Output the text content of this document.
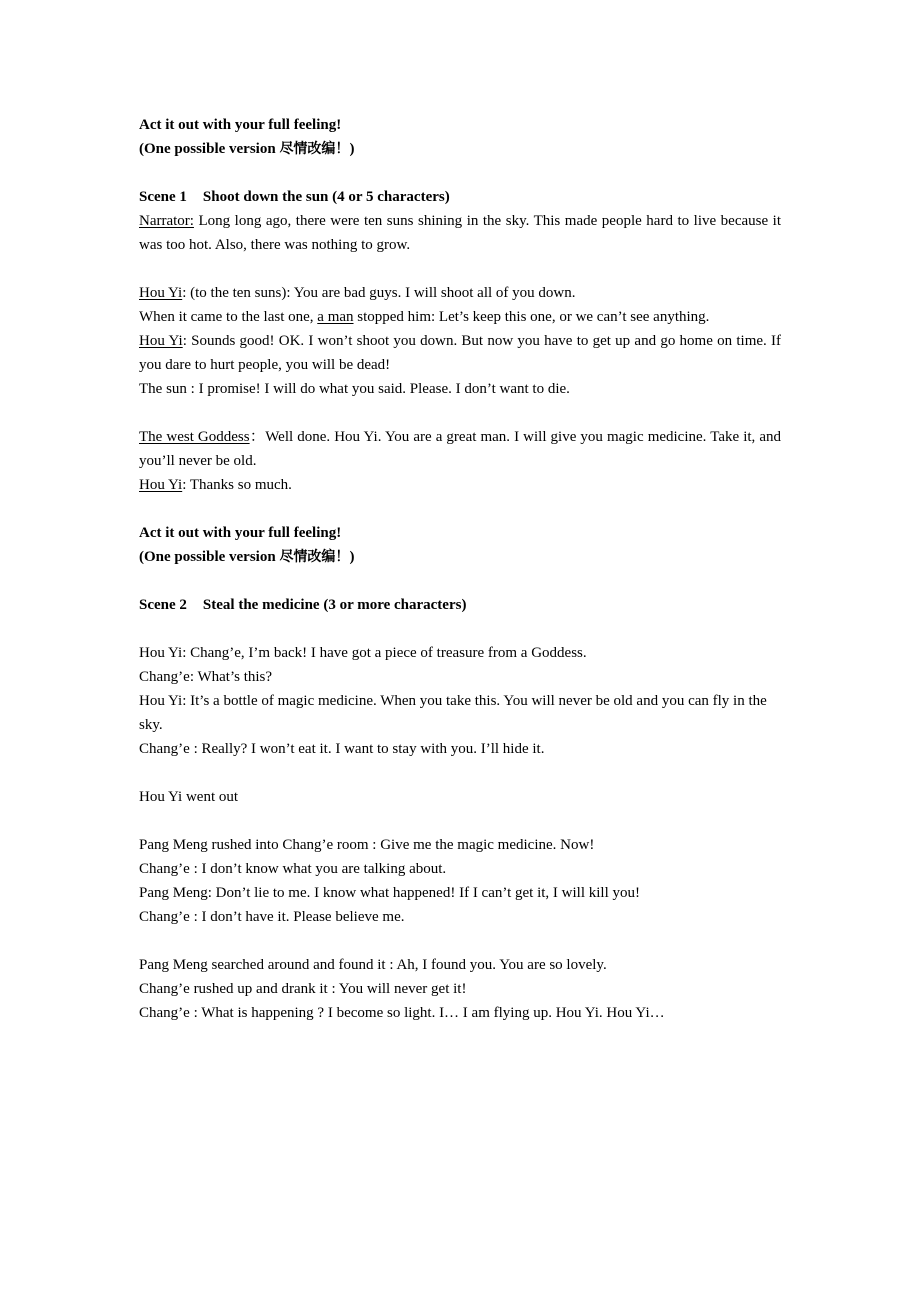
Act it out with your full feeling!

(One possible version 尽情改编！)

Scene 1 Shoot down the sun (4 or 5 characters)

Narrator: Long long ago, there were ten suns shining in the sky. This made people hard to live because it was too hot. Also, there was nothing to grow.

Hou Yi: (to the ten suns): You are bad guys. I will shoot all of you down.

When it came to the last one, a man stopped him: Let’s keep this one, or we can’t see anything.

Hou Yi: Sounds good! OK. I won’t shoot you down. But now you have to get up and go home on time. If you dare to hurt people, you will be dead!

The sun : I promise! I will do what you said. Please. I don’t want to die.

The west Goddess：Well done. Hou Yi. You are a great man. I will give you magic medicine. Take it, and you’ll never be old.

Hou Yi: Thanks so much.

Act it out with your full feeling!

(One possible version 尽情改编！)

Scene 2 Steal the medicine (3 or more characters)

Hou Yi: Chang’e, I’m back! I have got a piece of treasure from a Goddess.

Chang’e: What’s this?

Hou Yi: It’s a bottle of magic medicine. When you take this. You will never be old and you can fly in the sky.

Chang’e : Really? I won’t eat it. I want to stay with you. I’ll hide it.

Hou Yi went out

Pang Meng rushed into Chang’e room : Give me the magic medicine. Now!

Chang’e : I don’t know what you are talking about.

Pang Meng: Don’t lie to me. I know what happened! If I can’t get it, I will kill you!

Chang’e : I don’t have it. Please believe me.

Pang Meng searched around and found it : Ah, I found you. You are so lovely.

Chang’e rushed up and drank it : You will never get it!

Chang’e : What is happening ? I become so light. I… I am flying up. Hou Yi. Hou Yi…
